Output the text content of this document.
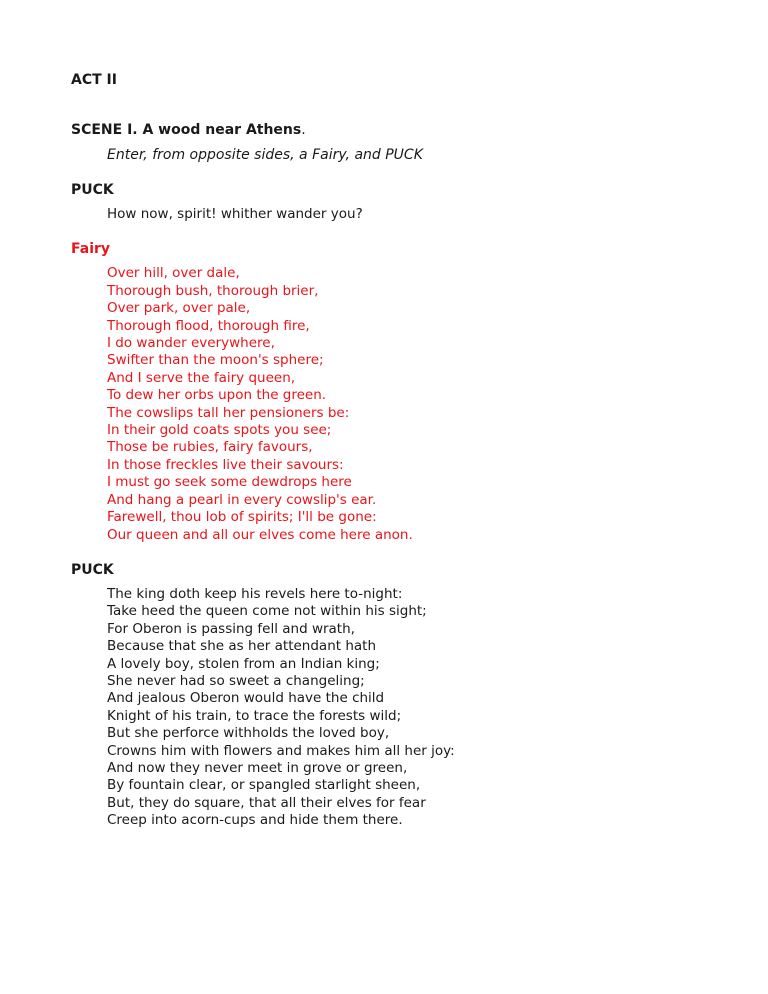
ACT II
SCENE I. A wood near Athens.
Enter, from opposite sides, a Fairy, and PUCK
PUCK
How now, spirit! whither wander you?
Fairy
Over hill, over dale,
Thorough bush, thorough brier,
Over park, over pale,
Thorough flood, thorough fire,
I do wander everywhere,
Swifter than the moon's sphere;
And I serve the fairy queen,
To dew her orbs upon the green.
The cowslips tall her pensioners be:
In their gold coats spots you see;
Those be rubies, fairy favours,
In those freckles live their savours:
I must go seek some dewdrops here
And hang a pearl in every cowslip's ear.
Farewell, thou lob of spirits; I'll be gone:
Our queen and all our elves come here anon.
PUCK
The king doth keep his revels here to-night:
Take heed the queen come not within his sight;
For Oberon is passing fell and wrath,
Because that she as her attendant hath
A lovely boy, stolen from an Indian king;
She never had so sweet a changeling;
And jealous Oberon would have the child
Knight of his train, to trace the forests wild;
But she perforce withholds the loved boy,
Crowns him with flowers and makes him all her joy:
And now they never meet in grove or green,
By fountain clear, or spangled starlight sheen,
But, they do square, that all their elves for fear
Creep into acorn-cups and hide them there.
